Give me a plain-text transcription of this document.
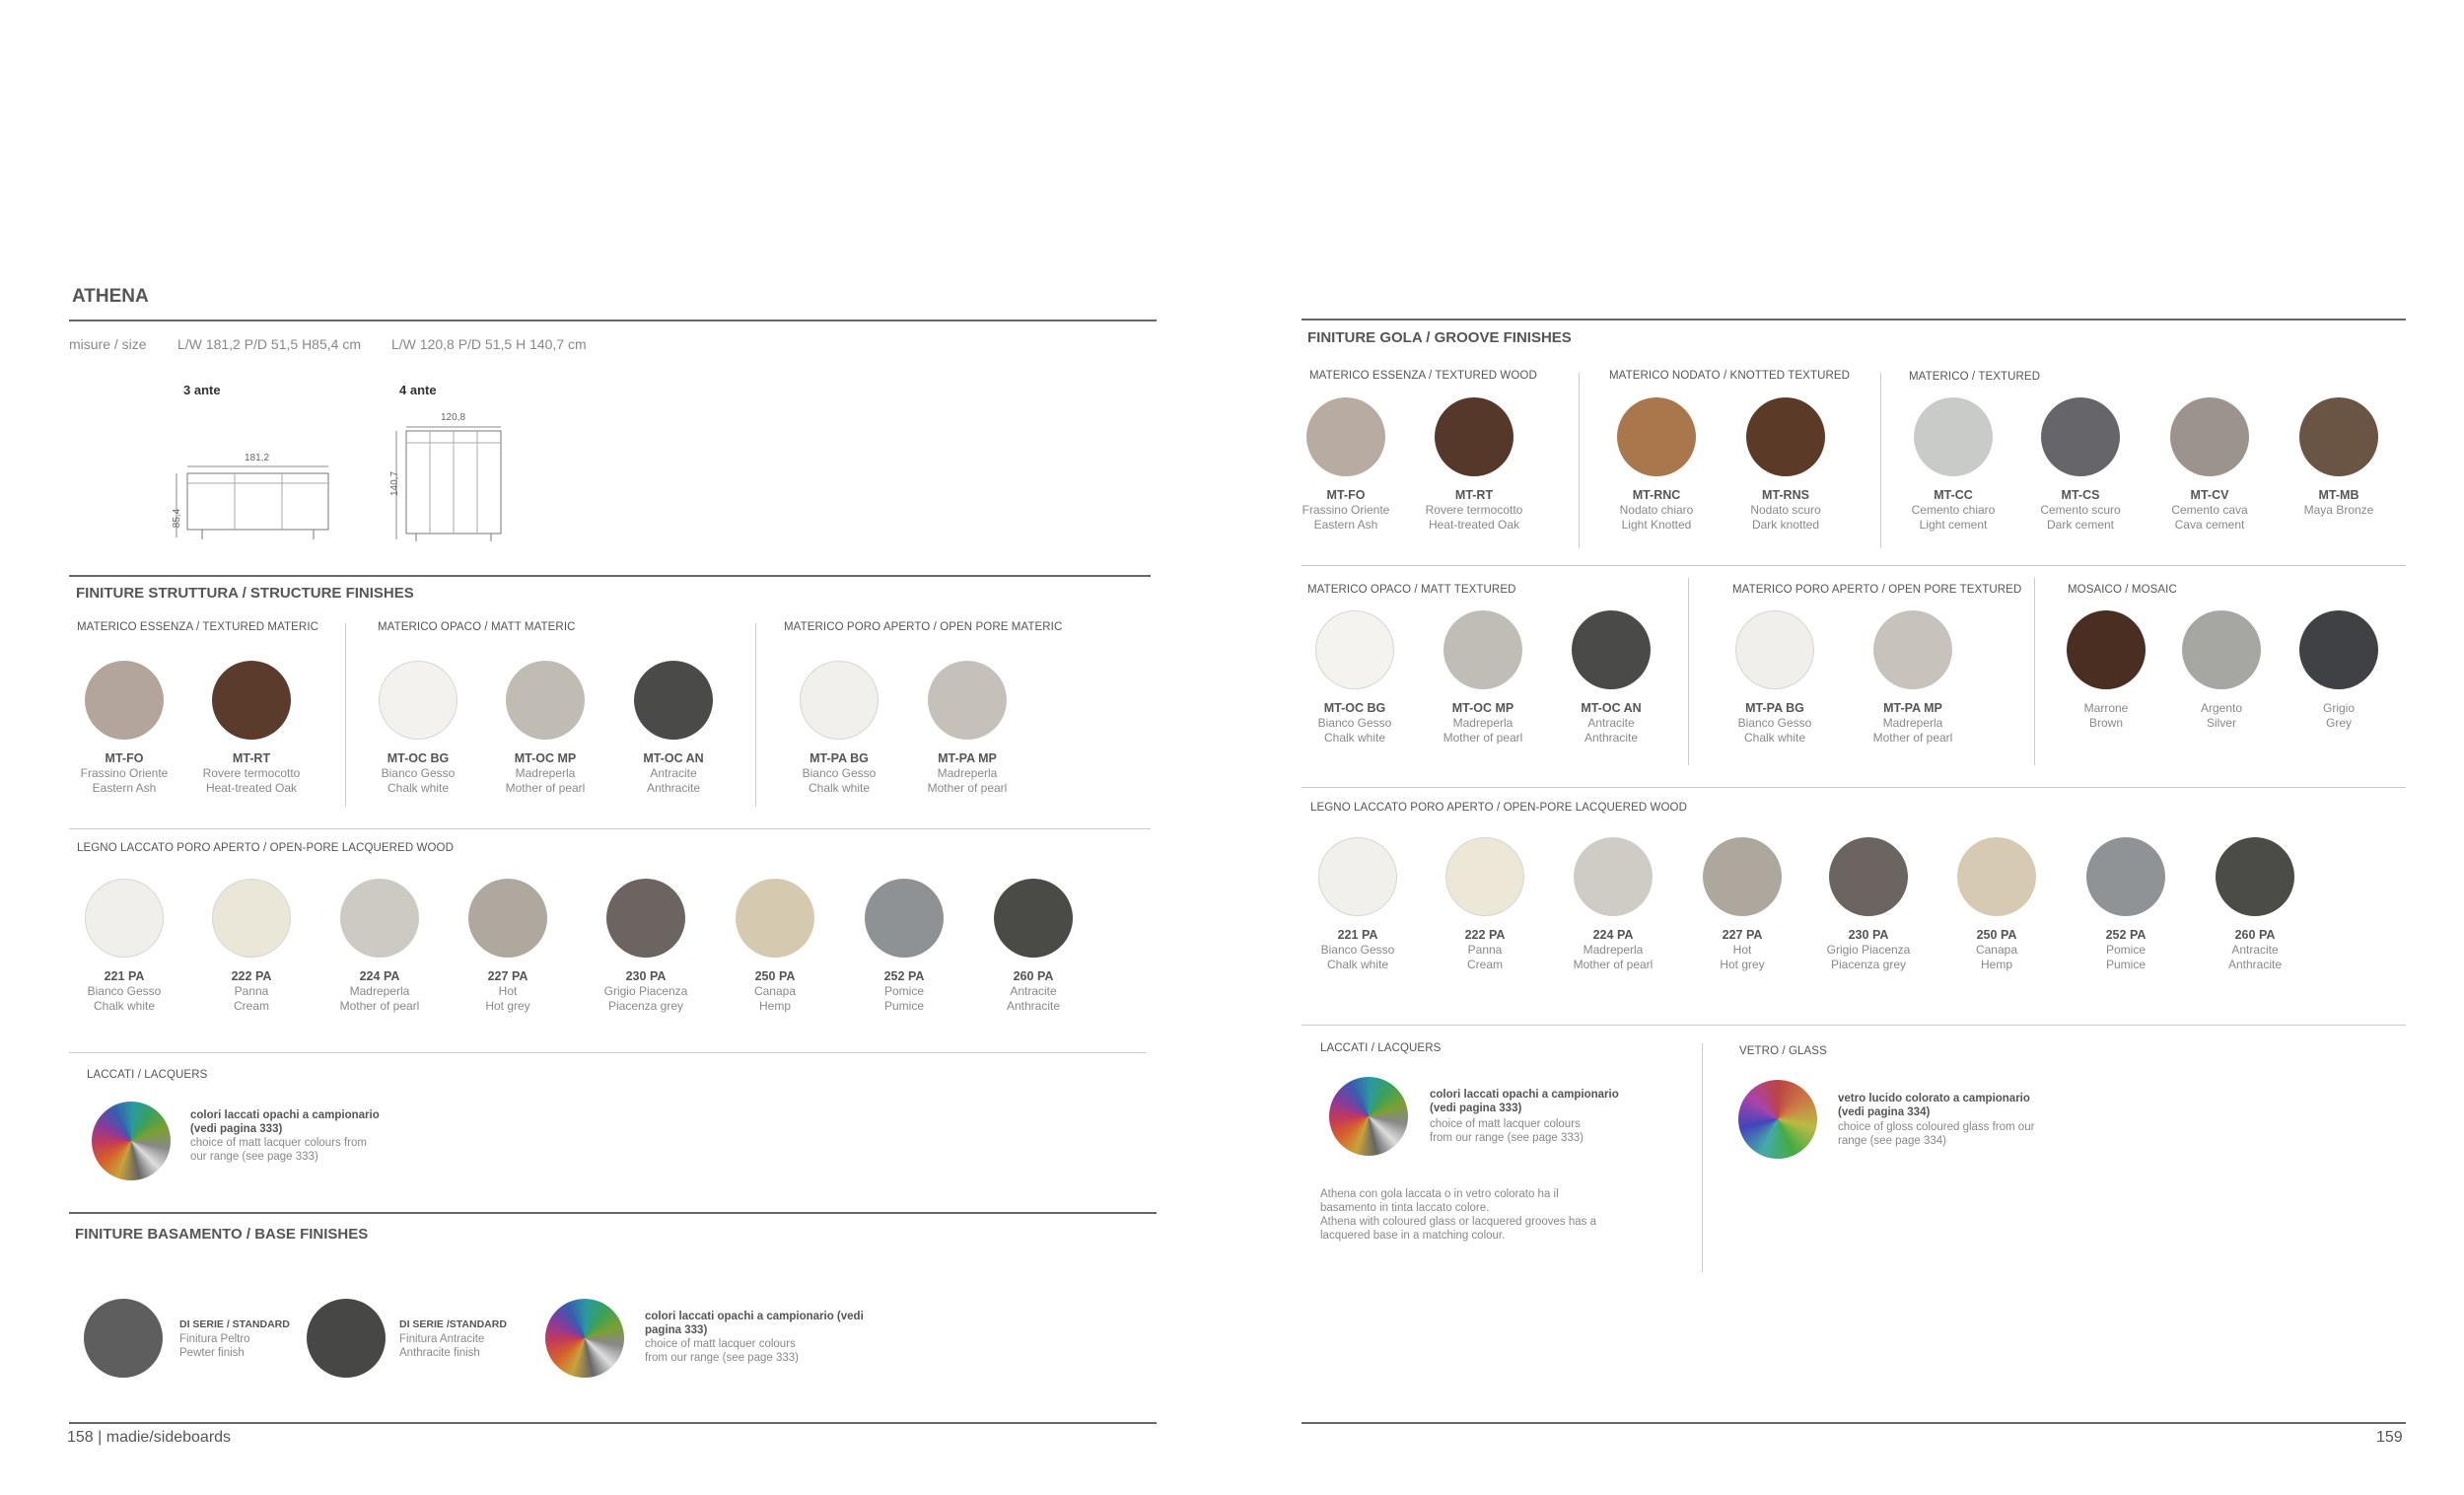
ATHENA
misure / size L/W 181,2 P/D 51,5 H85,4 cm L/W 120,8 P/D 51,5 H 140,7 cm
3 ante	4 ante
181,2
85,4
120,8
140,7
FINITURE STRUTTURA / STRUCTURE FINISHES
MATERICO ESSENZA / TEXTURED MATERIC	MATERICO OPACO / MATT MATERIC	MATERICO PORO APERTO / OPEN PORE MATERIC
MT-FO
Frassino Oriente
Eastern Ash
MT-RT
Rovere termocotto
Heat-treated Oak
MT-OC BG
Bianco Gesso
Chalk white
MT-OC MP
Madreperla
Mother of pearl
MT-OC AN
Antracite
Anthracite
MT-PA BG
Bianco Gesso
Chalk white
MT-PA MP
Madreperla
Mother of pearl
LEGNO LACCATO PORO APERTO / OPEN-PORE LACQUERED WOOD
221 PA
Bianco Gesso
Chalk white
222 PA
Panna
Cream
224 PA
Madreperla
Mother of pearl
227 PA
Hot
Hot grey
230 PA
Grigio Piacenza
Piacenza grey
250 PA
Canapa
Hemp
252 PA
Pomice
Pumice
260 PA
Antracite
Anthracite
LACCATI / LACQUERS
colori laccati opachi a campionario
(vedi pagina 333)
choice of matt lacquer colours from
our range (see page 333)
FINITURE BASAMENTO / BASE FINISHES
DI SERIE / STANDARD
Finitura Peltro
Pewter finish
DI SERIE /STANDARD
Finitura Antracite
Anthracite finish
colori laccati opachi a campionario (vedi
pagina 333)
choice of matt lacquer colours
from our range (see page 333)
158 | madie/sideboards
FINITURE GOLA / GROOVE FINISHES
MATERICO ESSENZA / TEXTURED WOOD	MATERICO NODATO / KNOTTED TEXTURED	MATERICO / TEXTURED
MT-FO
Frassino Oriente
Eastern Ash
MT-RT
Rovere termocotto
Heat-treated Oak
MT-RNC
Nodato chiaro
Light Knotted
MT-RNS
Nodato scuro
Dark knotted
MT-CC
Cemento chiaro
Light cement
MT-CS
Cemento scuro
Dark cement
MT-CV
Cemento cava
Cava cement
MT-MB
Maya Bronze
MATERICO OPACO / MATT TEXTURED	MATERICO PORO APERTO / OPEN PORE TEXTURED	MOSAICO / MOSAIC
MT-OC BG
Bianco Gesso
Chalk white
MT-OC MP
Madreperla
Mother of pearl
MT-OC AN
Antracite
Anthracite
MT-PA BG
Bianco Gesso
Chalk white
MT-PA MP
Madreperla
Mother of pearl
Marrone
Brown
Argento
Silver
Grigio
Grey
LEGNO LACCATO PORO APERTO / OPEN-PORE LACQUERED WOOD
221 PA
Bianco Gesso
Chalk white
222 PA
Panna
Cream
224 PA
Madreperla
Mother of pearl
227 PA
Hot
Hot grey
230 PA
Grigio Piacenza
Piacenza grey
250 PA
Canapa
Hemp
252 PA
Pomice
Pumice
260 PA
Antracite
Anthracite
LACCATI / LACQUERS
colori laccati opachi a campionario
(vedi pagina 333)
choice of matt lacquer colours
from our range (see page 333)
Athena con gola laccata o in vetro colorato ha il
basamento in tinta laccato colore.
Athena with coloured glass or lacquered grooves has a
lacquered base in a matching colour.
VETRO / GLASS
vetro lucido colorato a campionario
(vedi pagina 334)
choice of gloss coloured glass from our
range (see page 334)
159
